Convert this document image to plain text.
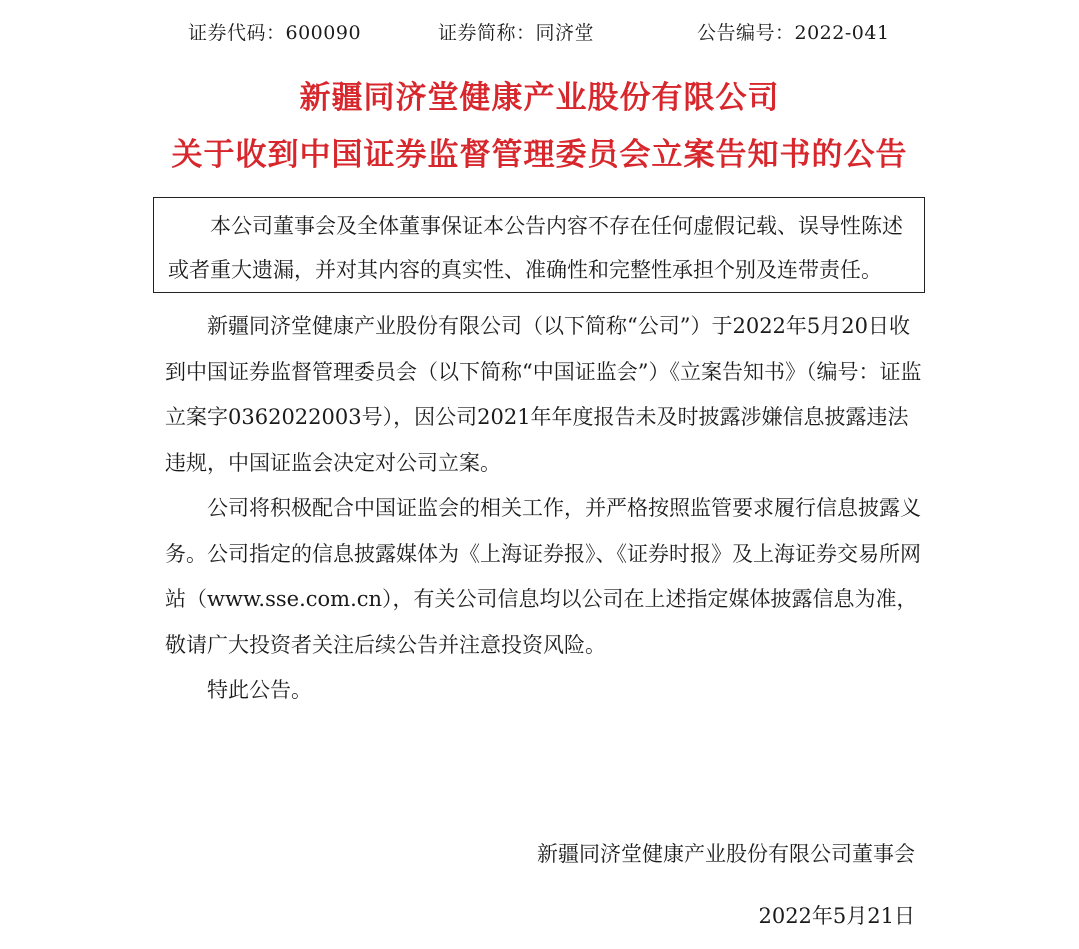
证券代码：600090	证券简称：同济堂	公告编号：2022-041
新疆同济堂健康产业股份有限公司
关于收到中国证券监督管理委员会立案告知书的公告

本公司董事会及全体董事保证本公告内容不存在任何虚假记载、误导性陈述或者重大遗漏，并对其内容的真实性、准确性和完整性承担个别及连带责任。

新疆同济堂健康产业股份有限公司（以下简称“公司”）于2022年5月20日收到中国证券监督管理委员会（以下简称“中国证监会”）《立案告知书》（编号：证监立案字0362022003号），因公司2021年年度报告未及时披露涉嫌信息披露违法违规，中国证监会决定对公司立案。

公司将积极配合中国证监会的相关工作，并严格按照监管要求履行信息披露义务。公司指定的信息披露媒体为《上海证券报》、《证券时报》及上海证券交易所网站（www.sse.com.cn），有关公司信息均以公司在上述指定媒体披露信息为准，敬请广大投资者关注后续公告并注意投资风险。

特此公告。

新疆同济堂健康产业股份有限公司董事会
2022年5月21日
